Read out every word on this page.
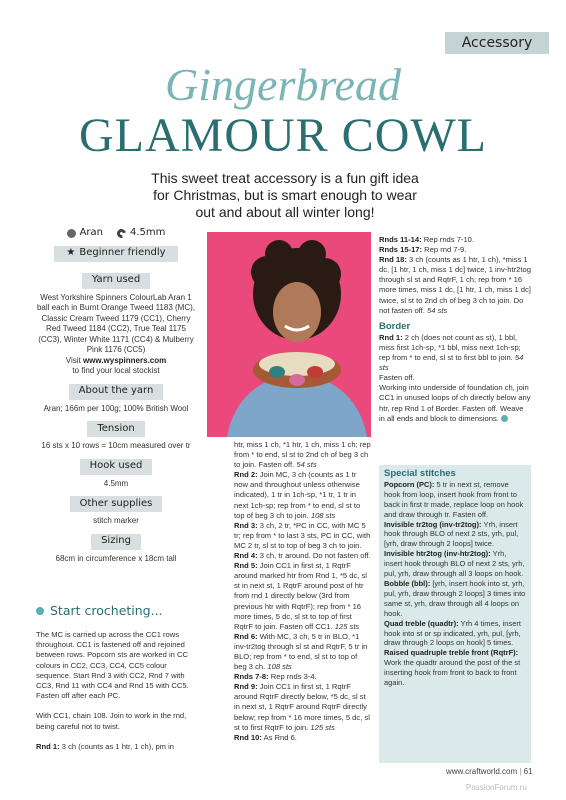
Accessory
Gingerbread
GLAMOUR COWL
This sweet treat accessory is a fun gift idea for Christmas, but is smart enough to wear out and about all winter long!
Aran	4.5mm
★ Beginner friendly
Yarn used
West Yorkshire Spinners ColourLab Aran 1 ball each in Burnt Orange Tweed 1183 (MC), Classic Cream Tweed 1179 (CC1), Cherry Red Tweed 1184 (CC2), True Teal 1175 (CC3), Winter White 1171 (CC4) & Mulberry Pink 1176 (CC5)
Visit www.wyspinners.com
to find your local stockist
About the yarn
Aran; 166m per 100g; 100% British Wool
Tension
16 sts x 10 rows = 10cm measured over tr
Hook used
4.5mm
Other supplies
stitch marker
Sizing
68cm in circumference x 18cm tall
Start crocheting...

The MC is carried up across the CC1 rows throughout. CC1 is fastened off and rejoined between rows. Popcorn sts are worked in CC colours in CC2, CC3, CC4, CC5 colour sequence. Start Rnd 3 with CC2, Rnd 7 with CC3, Rnd 11 with CC4 and Rnd 15 with CC5. Fasten off after each PC.

With CC1, chain 108. Join to work in the rnd, being careful not to twist.

Rnd 1: 3 ch (counts as 1 htr, 1 ch), pm in

htr, miss 1 ch, *1 htr, 1 ch, miss 1 ch; rep from * to end, sl st to 2nd ch of beg 3 ch to join. Fasten off. 54 sts

Rnd 2: Join MC, 3 ch (counts as 1 tr now and throughout unless otherwise indicated), 1 tr in 1ch-sp, *1 tr, 1 tr in next 1ch-sp; rep from * to end, sl st to top of beg 3 ch to join. 108 sts

Rnd 3: 3 ch, 2 tr, *PC in CC, with MC 5 tr; rep from * to last 3 sts, PC in CC, with MC 2 tr, sl st to top of beg 3 ch to join.

Rnd 4: 3 ch, tr around. Do not fasten off.

Rnd 5: Join CC1 in first st, 1 RqtrF around marked htr from Rnd 1, *5 dc, sl st in next st, 1 RqtrF around post of htr from rnd 1 directly below (3rd from previous htr with RqtrF); rep from * 16 more times, 5 dc, sl st to top of first RqtrF to join. Fasten off CC1. 125 sts

Rnd 6: With MC, 3 ch, 5 tr in BLO, *1 inv-tr2tog through sl st and RqtrF, 5 tr in BLO; rep from * to end, sl st to top of beg 3 ch. 108 sts

Rnds 7-8: Rep rnds 3-4.

Rnd 9: Join CC1 in first st, 1 RqtrF around RqtrF directly below, *5 dc, sl st in next st, 1 RqtrF around RqtrF directly below; rep from * 16 more times, 5 dc, sl st to first RqtrF to join. 125 sts

Rnd 10: As Rnd 6.

Rnds 11-14: Rep rnds 7-10.

Rnds 15-17: Rep rnd 7-9.

Rnd 18: 3 ch (counts as 1 htr, 1 ch), *miss 1 dc, [1 htr, 1 ch, miss 1 dc] twice, 1 inv-htr2tog through sl st and RqtrF, 1 ch; rep from * 16 more times, miss 1 dc, [1 htr, 1 ch, miss 1 dc] twice, sl st to 2nd ch of beg 3 ch to join. Do not fasten off. 54 sts

Border

Rnd 1: 2 ch (does not count as st), 1 bbl, miss first 1ch-sp, *1 bbl, miss next 1ch-sp; rep from * to end, sl st to first bbl to join. 54 sts

Fasten off.

Working into underside of foundation ch, join CC1 in unused loops of ch directly below any htr, rep Rnd 1 of Border. Fasten off. Weave in all ends and block to dimensions.

Special stitches

Popcorn (PC): 5 tr in next st, remove hook from loop, insert hook from front to back in first tr made, replace loop on hook and draw through tr. Fasten off.

Invisible tr2tog (inv-tr2tog): Yrh, insert hook through BLO of next 2 sts, yrh, pul, [yrh, draw through 2 loops] twice.

Invisible htr2tog (inv-htr2tog): Yrh, insert hook through BLO of next 2 sts, yrh, pul, yrh, draw through all 3 loops on hook.

Bobble (bbl): [yrh, insert hook into st, yrh, pul, yrh, draw through 2 loops] 3 times into same st, yrh, draw through all 4 loops on hook.

Quad treble (quadtr): Yrh 4 times, insert hook into st or sp indicated, yrh, pul, [yrh, draw through 2 loops on hook] 5 times.

Raised quadruple treble front (RqtrF): Work the quadtr around the post of the st inserting hook from front to back to front again.

www.craftworld.com | 61
PassionForum.ru
